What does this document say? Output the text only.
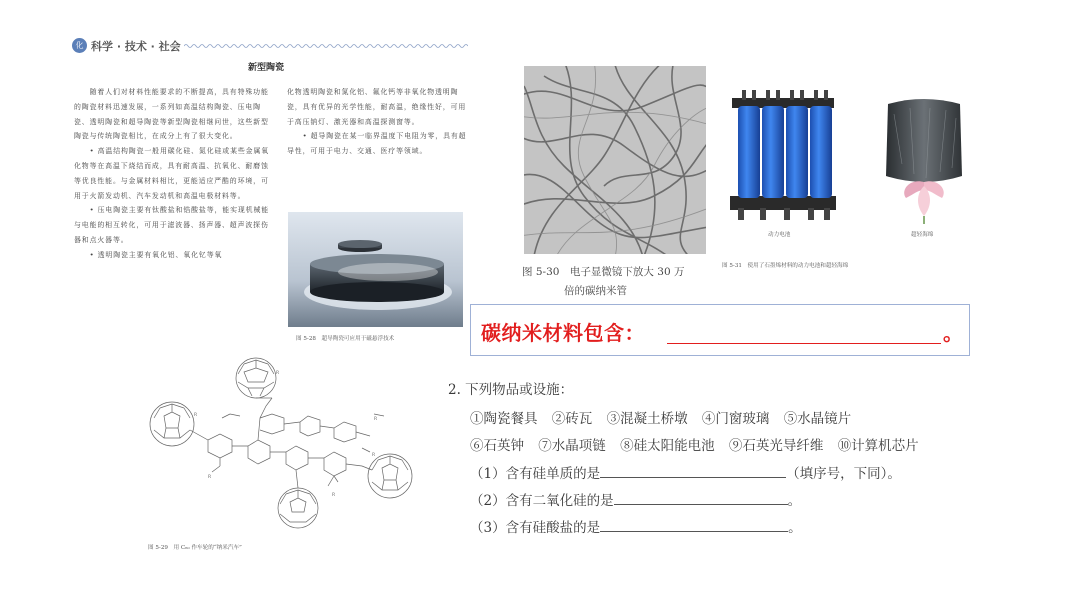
化 科学 · 技术 · 社会
新型陶瓷

　　随着人们对材料性能要求的不断提高，具有特殊功能的陶瓷材料迅速发展，一系列如高温结构陶瓷、压电陶瓷、透明陶瓷和超导陶瓷等新型陶瓷相继问世，这些新型陶瓷与传统陶瓷相比，在成分上有了很大变化。

　　• 高温结构陶瓷一般用碳化硅、氮化硅或某些金属氧化物等在高温下烧结而成，具有耐高温、抗氧化、耐磨蚀等优良性能。与金属材料相比，更能适应严酷的环境，可用于火箭发动机、汽车发动机和高温电极材料等。

　　• 压电陶瓷主要有钛酸盐和锆酸盐等，能实现机械能与电能的相互转化，可用于滤波器、扬声器、超声波探伤器和点火器等。

　　• 透明陶瓷主要有氧化铝、氧化钇等氧

化物透明陶瓷和氮化铝、氟化钙等非氧化物透明陶瓷，具有优异的光学性能，耐高温，绝缘性好，可用于高压钠灯、激光器和高温探测窗等。

　　• 超导陶瓷在某一临界温度下电阻为零，具有超导性，可用于电力、交通、医疗等领域。

图 5-28　超导陶瓷可应用于磁悬浮技术
R
R
R
R
R
R
图 5-29　用 C₆₀ 作车轮的“纳米汽车”
图 5-30　电子显微镜下放大 30 万
倍的碳纳米管
动力电池	超轻海绵
图 5-31　使用了石墨烯材料的动力电池和超轻海绵
碳纳米材料包含：	。
2. 下列物品或设施：
①陶瓷餐具 ②砖瓦 ③混凝土桥墩 ④门窗玻璃 ⑤水晶镜片
⑥石英钟 ⑦水晶项链 ⑧硅太阳能电池 ⑨石英光导纤维 ⑩计算机芯片
（1）含有硅单质的是	（填序号，下同）。
（2）含有二氧化硅的是	。
（3）含有硅酸盐的是	。
